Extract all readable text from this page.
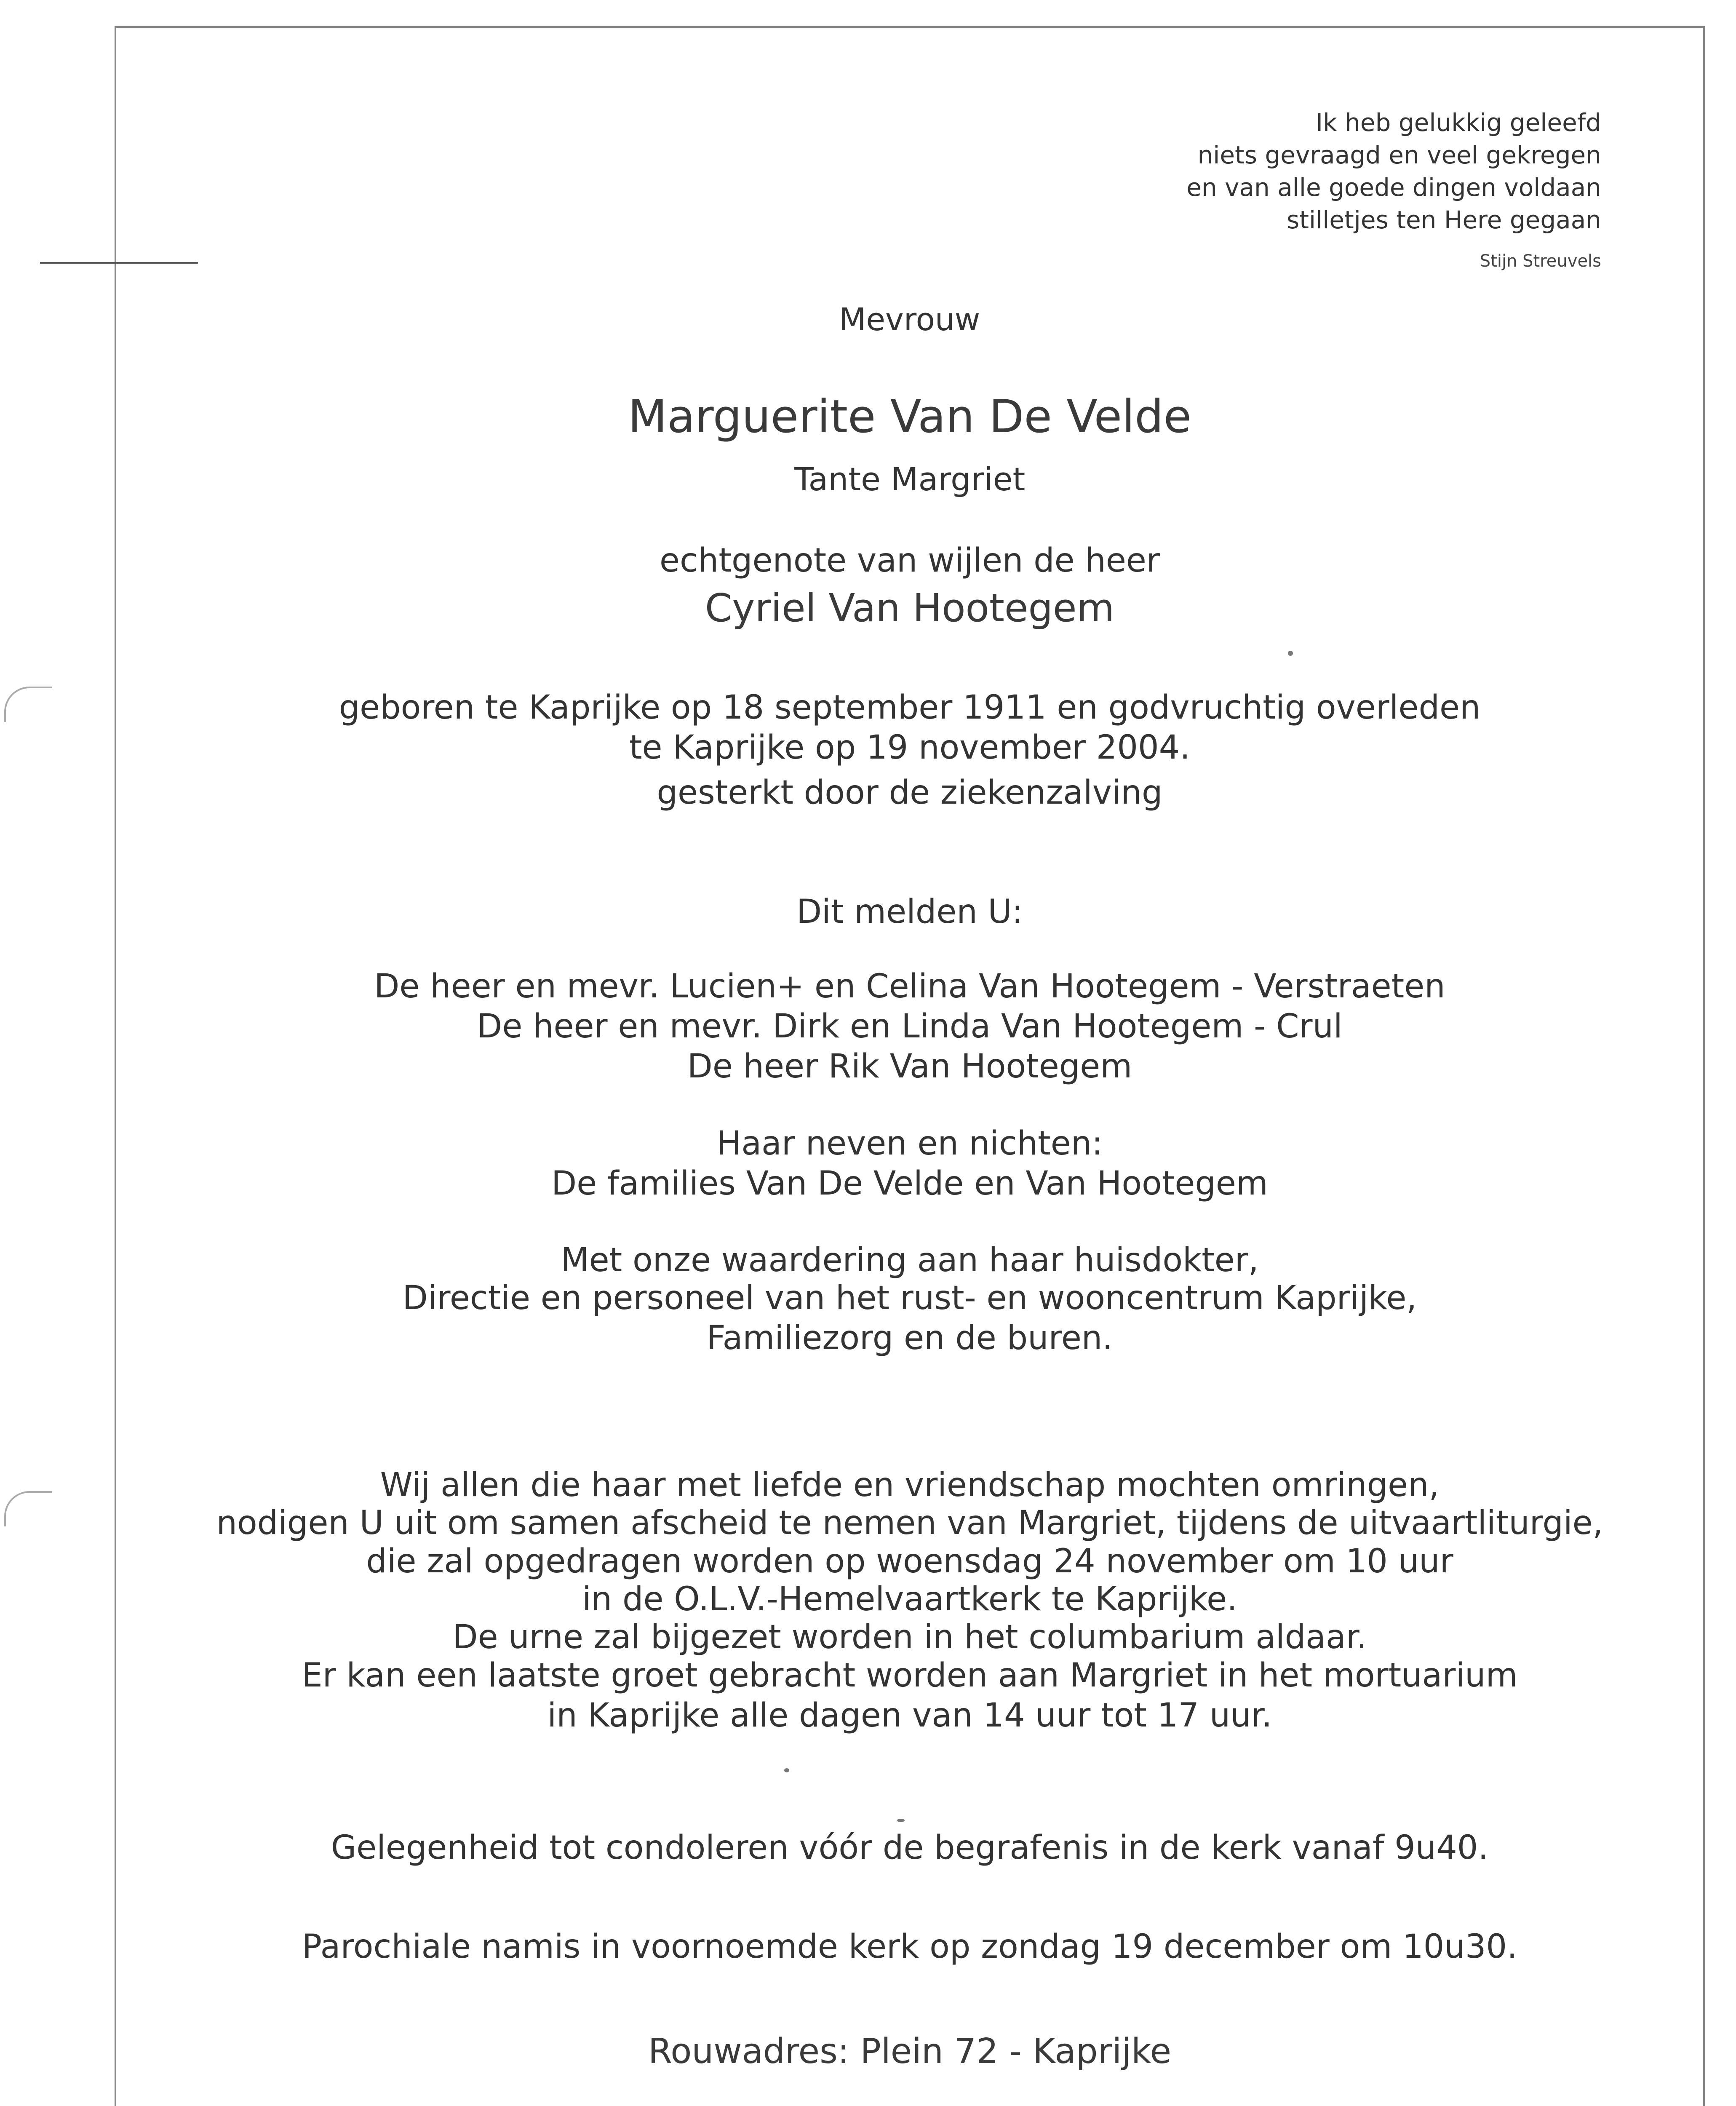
Ik heb gelukkig geleefd
niets gevraagd en veel gekregen
en van alle goede dingen voldaan
stilletjes ten Here gegaan
Stijn Streuvels
Mevrouw
Marguerite Van De Velde
Tante Margriet
echtgenote van wijlen de heer
Cyriel Van Hootegem
geboren te Kaprijke op 18 september 1911 en godvruchtig overleden
te Kaprijke op 19 november 2004.
gesterkt door de ziekenzalving
Dit melden U:
De heer en mevr. Lucien+ en Celina Van Hootegem - Verstraeten
De heer en mevr. Dirk en Linda Van Hootegem - Crul
De heer Rik Van Hootegem
Haar neven en nichten:
De families Van De Velde en Van Hootegem
Met onze waardering aan haar huisdokter,
Directie en personeel van het rust- en wooncentrum Kaprijke,
Familiezorg en de buren.
Wij allen die haar met liefde en vriendschap mochten omringen,
nodigen U uit om samen afscheid te nemen van Margriet, tijdens de uitvaartliturgie,
die zal opgedragen worden op woensdag 24 november om 10 uur
in de O.L.V.-Hemelvaartkerk te Kaprijke.
De urne zal bijgezet worden in het columbarium aldaar.
Er kan een laatste groet gebracht worden aan Margriet in het mortuarium
in Kaprijke alle dagen van 14 uur tot 17 uur.
Gelegenheid tot condoleren vóór de begrafenis in de kerk vanaf 9u40.
Parochiale namis in voornoemde kerk op zondag 19 december om 10u30.
Rouwadres: Plein 72 - Kaprijke
